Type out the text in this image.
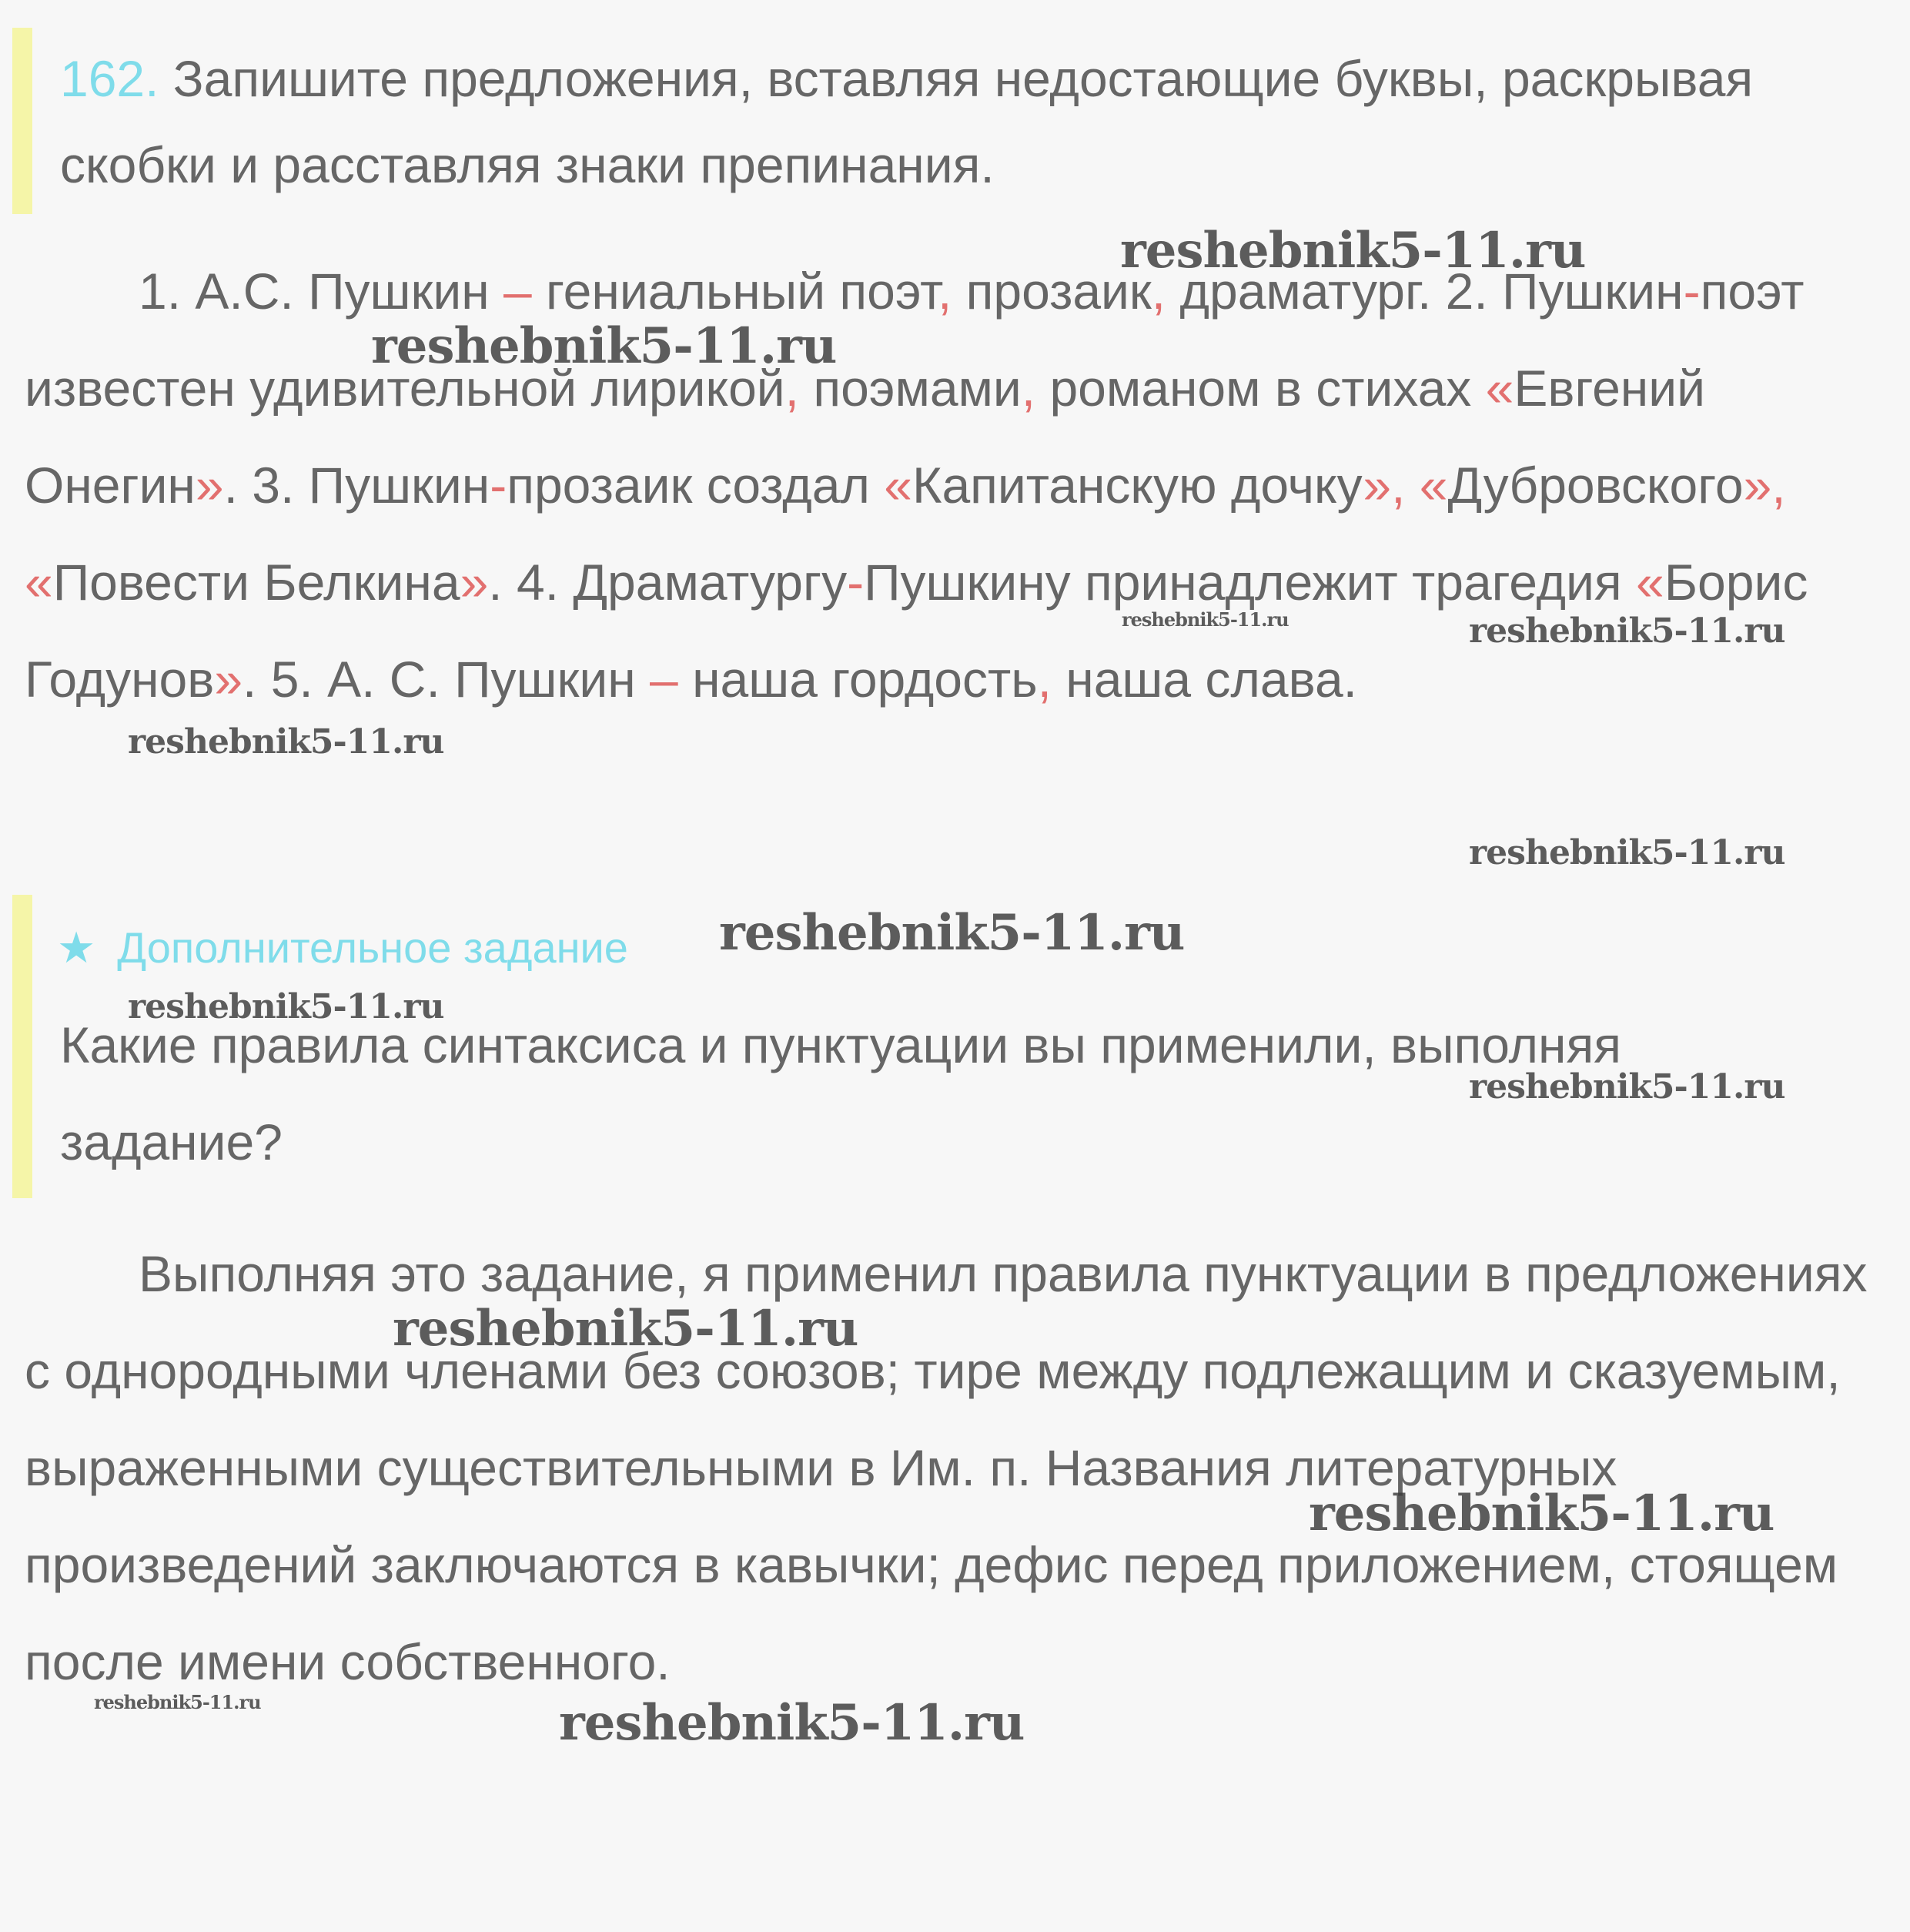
162. Запишите предложения, вставляя недостающие буквы, раскрывая скобки и расставляя знаки препинания.

1. А.С. Пушкин – гениальный поэт, прозаик, драматург. 2. Пушкин-поэт известен удивительной лирикой, поэмами, романом в стихах «Евгений Онегин». 3. Пушкин-прозаик создал «Капитанскую дочку», «Дубровского», «Повести Белкина». 4. Драматургу-Пушкину принадлежит трагедия «Борис Годунов». 5. А. С. Пушкин – наша гордость, наша слава.

★ Дополнительное задание
Какие правила синтаксиса и пунктуации вы применили, выполняя задание?

Выполняя это задание, я применил правила пунктуации в предложениях с однородными членами без союзов; тире между подлежащим и сказуемым, выраженными существительными в Им. п. Названия литературных произведений заключаются в кавычки; дефис перед приложением, стоящем после имени собственного.

reshebnik5-11.ru
reshebnik5-11.ru
reshebnik5-11.ru	reshebnik5-11.ru
reshebnik5-11.ru
reshebnik5-11.ru
reshebnik5-11.ru
reshebnik5-11.ru
reshebnik5-11.ru
reshebnik5-11.ru
reshebnik5-11.ru
reshebnik5-11.ru	reshebnik5-11.ru
